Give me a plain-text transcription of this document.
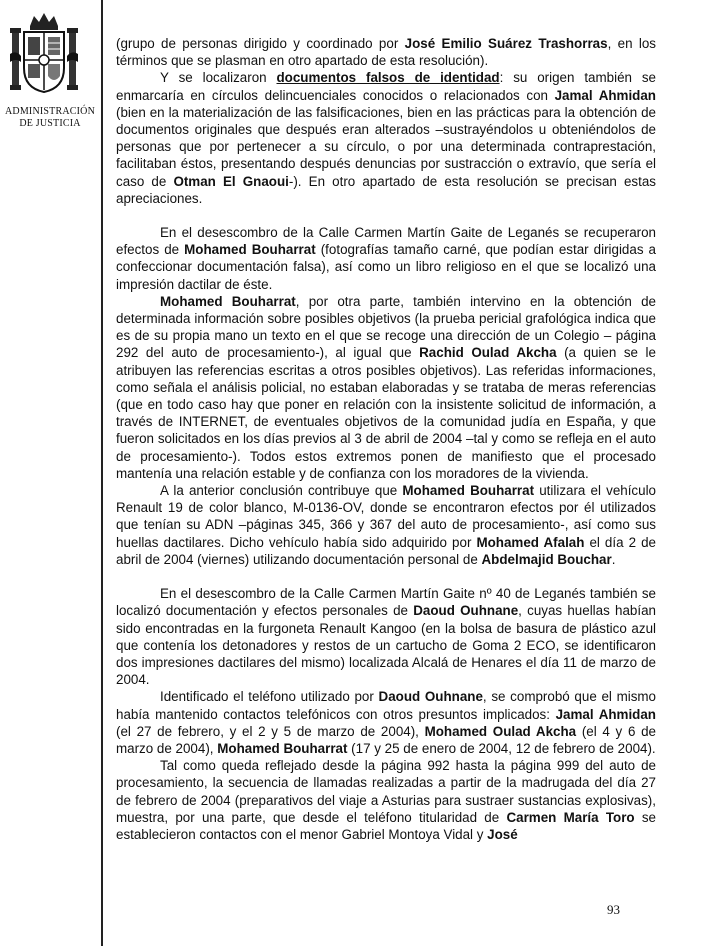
ADMINISTRACIÓN
DE JUSTICIA

(grupo de personas dirigido y coordinado por José Emilio Suárez Trashorras, en los términos que se plasman en otro apartado de esta resolución).

Y se localizaron documentos falsos de identidad: su origen también se enmarcaría en círculos delincuenciales conocidos o relacionados con Jamal Ahmidan (bien en la materialización de las falsificaciones, bien en las prácticas para la obtención de documentos originales que después eran alterados –sustrayéndolos u obteniéndolos de personas que por pertenecer a su círculo, o por una determinada contraprestación, facilitaban éstos, presentando después denuncias por sustracción o extravío, que sería el caso de Otman El Gnaoui-). En otro apartado de esta resolución se precisan estas apreciaciones.

En el desescombro de la Calle Carmen Martín Gaite de Leganés se recuperaron efectos de Mohamed Bouharrat (fotografías tamaño carné, que podían estar dirigidas a confeccionar documentación falsa), así como un libro religioso en el que se localizó una impresión dactilar de éste.

Mohamed Bouharrat, por otra parte, también intervino en la obtención de determinada información sobre posibles objetivos (la prueba pericial grafológica indica que es de su propia mano un texto en el que se recoge una dirección de un Colegio – página 292 del auto de procesamiento-), al igual que Rachid Oulad Akcha (a quien se le atribuyen las referencias escritas a otros posibles objetivos). Las referidas informaciones, como señala el análisis policial, no estaban elaboradas y se trataba de meras referencias (que en todo caso hay que poner en relación con la insistente solicitud de información, a través de INTERNET, de eventuales objetivos de la comunidad judía en España, y que fueron solicitados en los días previos al 3 de abril de 2004 –tal y como se refleja en el auto de procesamiento-). Todos estos extremos ponen de manifiesto que el procesado mantenía una relación estable y de confianza con los moradores de la vivienda.

A la anterior conclusión contribuye que Mohamed Bouharrat utilizara el vehículo Renault 19 de color blanco, M-0136-OV, donde se encontraron efectos por él utilizados que tenían su ADN –páginas 345, 366 y 367 del auto de procesamiento-, así como sus huellas dactilares. Dicho vehículo había sido adquirido por Mohamed Afalah el día 2 de abril de 2004 (viernes) utilizando documentación personal de Abdelmajid Bouchar.

En el desescombro de la Calle Carmen Martín Gaite nº 40 de Leganés también se localizó documentación y efectos personales de Daoud Ouhnane, cuyas huellas habían sido encontradas en la furgoneta Renault Kangoo (en la bolsa de basura de plástico azul que contenía los detonadores y restos de un cartucho de Goma 2 ECO, se identificaron dos impresiones dactilares del mismo) localizada Alcalá de Henares el día 11 de marzo de 2004.

Identificado el teléfono utilizado por Daoud Ouhnane, se comprobó que el mismo había mantenido contactos telefónicos con otros presuntos implicados: Jamal Ahmidan (el 27 de febrero, y el 2 y 5 de marzo de 2004), Mohamed Oulad Akcha (el 4 y 6 de marzo de 2004), Mohamed Bouharrat (17 y 25 de enero de 2004, 12 de febrero de 2004).

Tal como queda reflejado desde la página 992 hasta la página 999 del auto de procesamiento, la secuencia de llamadas realizadas a partir de la madrugada del día 27 de febrero de 2004 (preparativos del viaje a Asturias para sustraer sustancias explosivas), muestra, por una parte, que desde el teléfono titularidad de Carmen María Toro se establecieron contactos con el menor Gabriel Montoya Vidal y José

93
